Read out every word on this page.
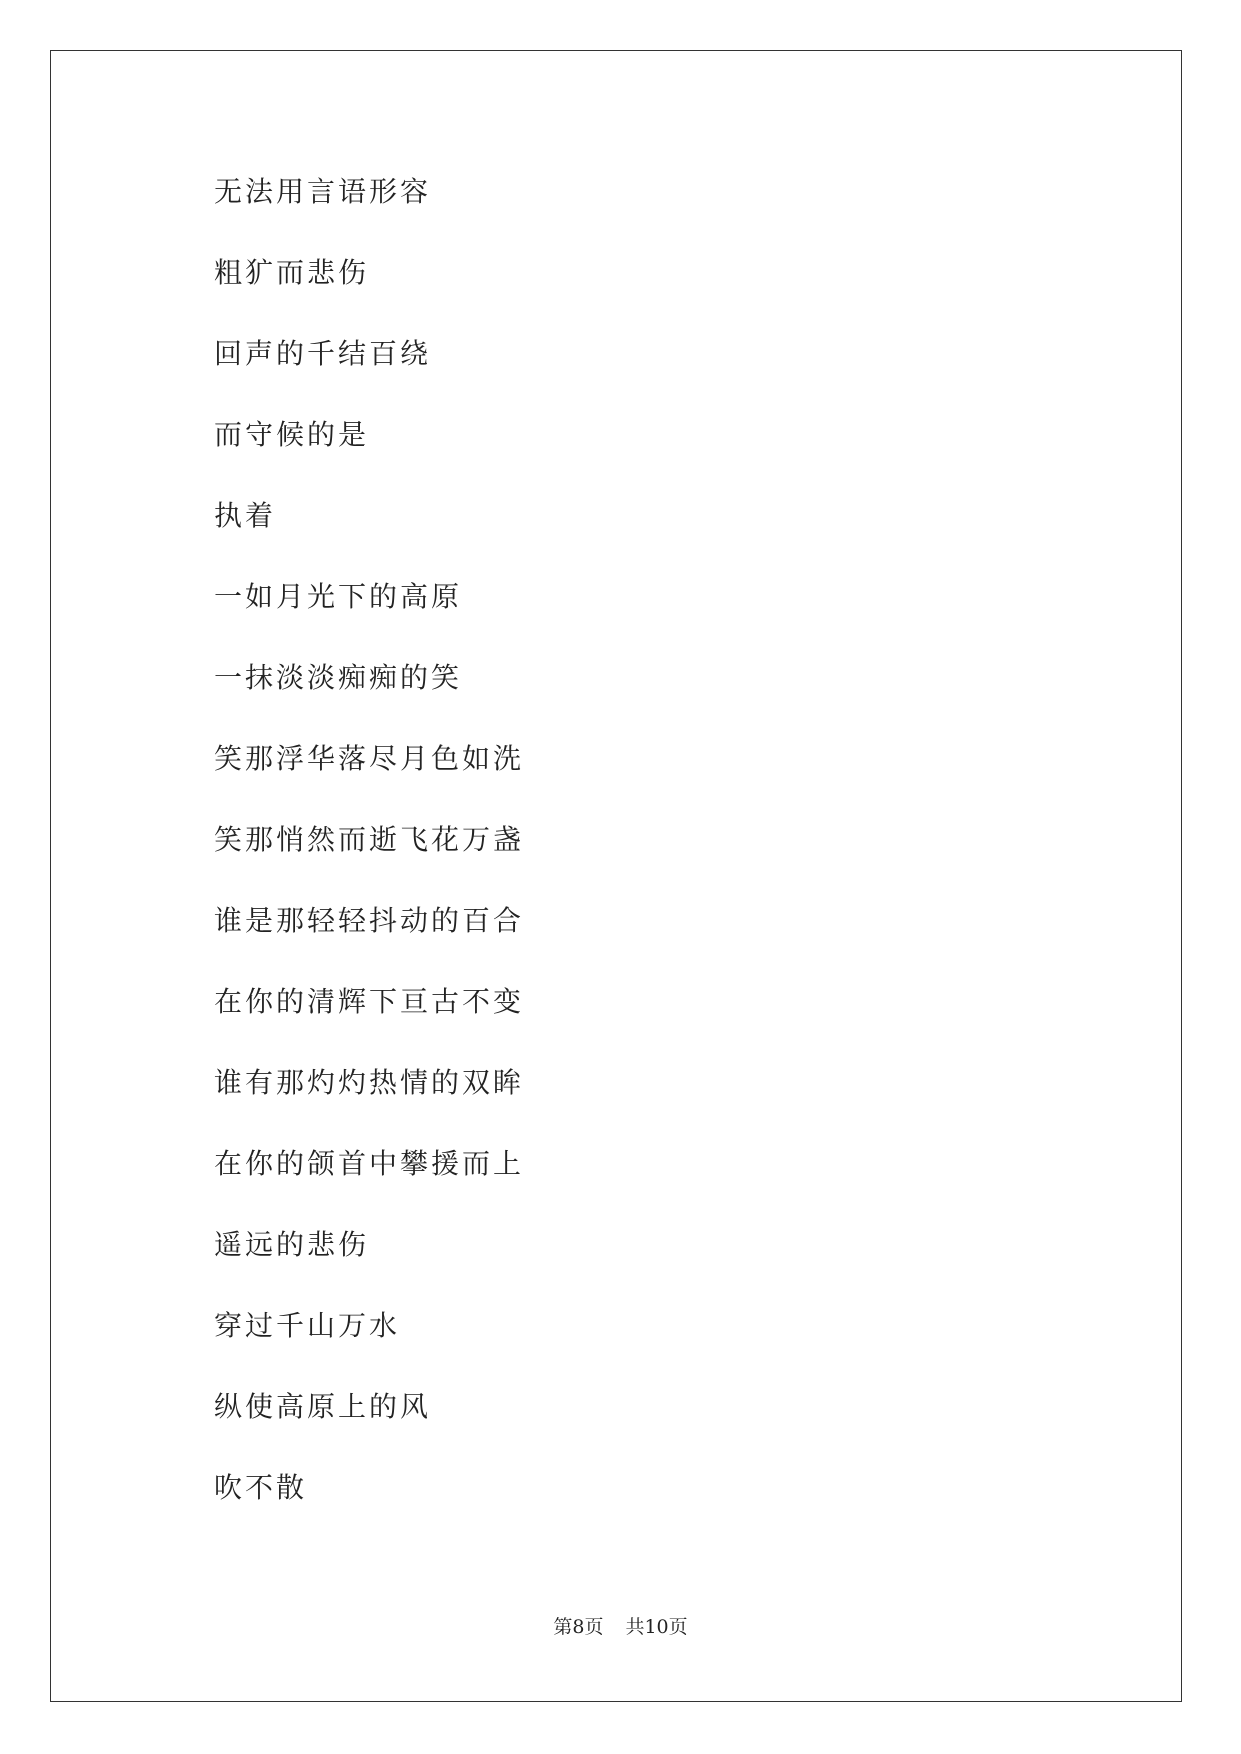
无法用言语形容
粗犷而悲伤
回声的千结百绕
而守候的是
执着
一如月光下的高原
一抹淡淡痴痴的笑
笑那浮华落尽月色如洗
笑那悄然而逝飞花万盏
谁是那轻轻抖动的百合
在你的清辉下亘古不变
谁有那灼灼热情的双眸
在你的颌首中攀援而上
遥远的悲伤
穿过千山万水
纵使高原上的风
吹不散
第8页 共10页
